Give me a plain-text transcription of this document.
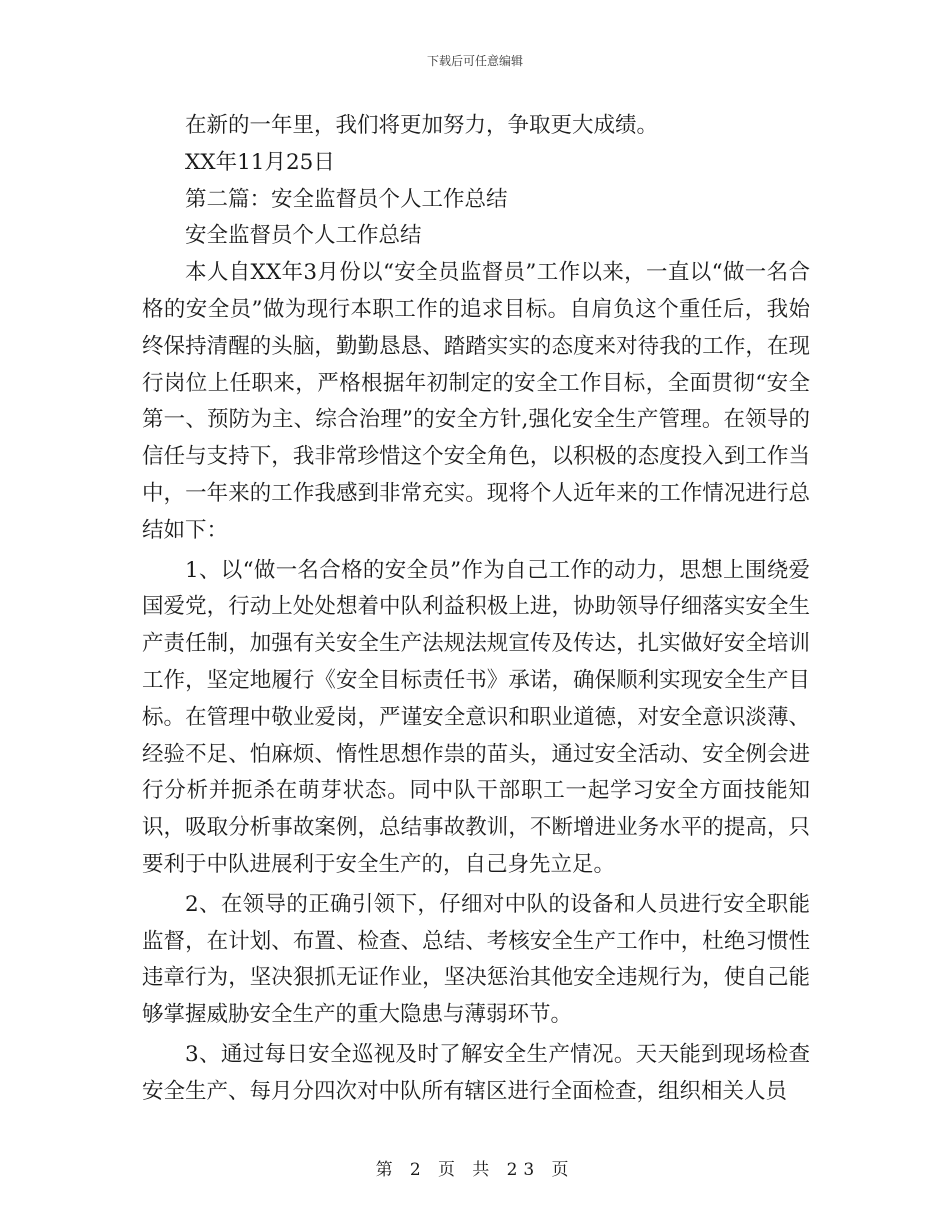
下载后可任意编辑

在新的一年里，我们将更加努力，争取更大成绩。

XX年11月25日

第二篇：安全监督员个人工作总结

安全监督员个人工作总结

本人自XX年3月份以“安全员监督员”工作以来，一直以“做一名合格的安全员”做为现行本职工作的追求目标。自肩负这个重任后，我始终保持清醒的头脑，勤勤恳恳、踏踏实实的态度来对待我的工作，在现行岗位上任职来，严格根据年初制定的安全工作目标，全面贯彻“安全第一、预防为主、综合治理”的安全方针,强化安全生产管理。在领导的信任与支持下，我非常珍惜这个安全角色，以积极的态度投入到工作当中，一年来的工作我感到非常充实。现将个人近年来的工作情况进行总结如下：

1、以“做一名合格的安全员”作为自己工作的动力，思想上围绕爱国爱党，行动上处处想着中队利益积极上进，协助领导仔细落实安全生产责任制，加强有关安全生产法规法规宣传及传达，扎实做好安全培训工作，坚定地履行《安全目标责任书》承诺，确保顺利实现安全生产目标。在管理中敬业爱岗，严谨安全意识和职业道德，对安全意识淡薄、经验不足、怕麻烦、惰性思想作祟的苗头，通过安全活动、安全例会进行分析并扼杀在萌芽状态。同中队干部职工一起学习安全方面技能知识，吸取分析事故案例，总结事故教训，不断增进业务水平的提高，只要利于中队进展利于安全生产的，自己身先立足。

2、在领导的正确引领下，仔细对中队的设备和人员进行安全职能监督，在计划、布置、检查、总结、考核安全生产工作中，杜绝习惯性违章行为，坚决狠抓无证作业，坚决惩治其他安全违规行为，使自己能够掌握威胁安全生产的重大隐患与薄弱环节。

3、通过每日安全巡视及时了解安全生产情况。天天能到现场检查安全生产、每月分四次对中队所有辖区进行全面检查，组织相关人员

第 2 页 共 23 页
